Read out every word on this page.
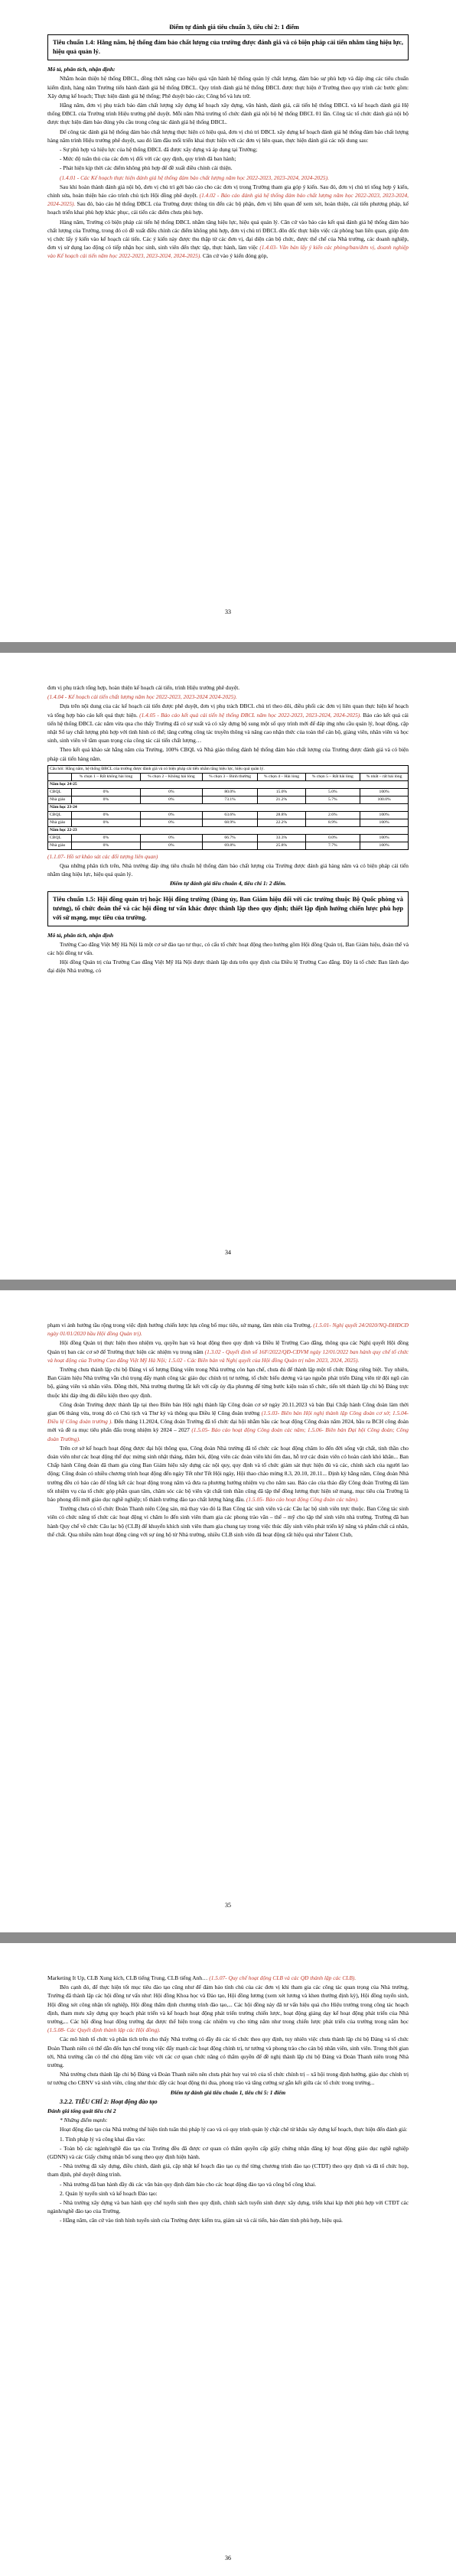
Điểm tự đánh giá tiêu chuẩn 3, tiêu chí 2: 1 điểm

Tiêu chuẩn 1.4: Hằng năm, hệ thống đảm bảo chất lượng của trường được đánh giá và có biện pháp cải tiến nhằm tăng hiệu lực, hiệu quả quản lý.

Mô tả, phân tích, nhận định:

Nhằm hoàn thiện hệ thống ĐBCL, đồng thời nâng cao hiệu quả vận hành hệ thống quản lý chất lượng, đảm bảo sự phù hợp và đáp ứng các tiêu chuẩn kiểm định, hàng năm Trường tiến hành đánh giá hệ thống ĐBCL. Quy trình đánh giá hệ thống ĐBCL được thực hiện ở Trường theo quy trình các bước gồm: Xây dựng kế hoạch; Thực hiện đánh giá hệ thống; Phê duyệt báo cáo; Công bố và lưu trữ.

Hằng năm, đơn vị phụ trách bảo đảm chất lượng xây dựng kế hoạch xây dựng, văn hành, đánh giá, cải tiến hệ thống ĐBCL và kế hoạch đánh giá Hệ thống ĐBCL của Trường trình Hiệu trưởng phê duyệt. Mỗi năm Nhà trường tổ chức đánh giá nội bộ hệ thống ĐBCL 01 lần. Công tác tổ chức đánh giá nội bộ được thực hiện đảm bảo đúng yêu cầu trong công tác đánh giá hệ thống ĐBCL.

Để công tác đánh giá hệ thống đảm bảo chất lượng thực hiện có hiệu quả, đơn vị chủ trì ĐBCL xây dựng kế hoạch đánh giá hệ thống đảm bảo chất lượng hàng năm trình Hiệu trưởng phê duyệt, sau đó làm đầu mối triển khai thực hiện với các đơn vị liên quan, thực hiện đánh giá các nội dung sau:

- Sự phù hợp và hiệu lực của hệ thống ĐBCL đã được xây dựng và áp dụng tại Trường;

- Mức độ tuân thủ của các đơn vị đối với các quy định, quy trình đã ban hành;

- Phát hiện kịp thời các điểm không phù hợp để đề xuất điều chỉnh cải thiện.

(1.4.01 - Các Kế hoạch thực hiện đánh giá hệ thống đảm bảo chất lượng năm học 2022-2023, 2023-2024, 2024-2025).

Sau khi hoàn thành đánh giá nội bộ, đơn vị chủ trì gởi báo cáo cho các đơn vị trong Trường tham gia góp ý kiến. Sau đó, đơn vị chủ trì tổng hợp ý kiến, chỉnh sửa, hoàn thiện báo cáo trình chủ tịch Hội đồng phê duyệt. (1.4.02 - Báo cáo đánh giá hệ thống đảm bảo chất lượng năm học 2022-2023, 2023-2024, 2024-2025). Sau đó, báo cáo hệ thống ĐBCL của Trường được thông tin đến các bộ phận, đơn vị liên quan để xem xét, hoàn thiện, cải tiến phương pháp, kế hoạch triển khai phù hợp khác phục, cải tiến các điểm chưa phù hợp.

Hàng năm, Trường có biện pháp cải tiến hệ thống ĐBCL nhằm tăng hiệu lực, hiệu quả quản lý. Căn cứ vào báo cáo kết quả đánh giá hệ thống đảm bảo chất lượng của Trường, trong đó có đề xuất điều chỉnh các điểm không phù hợp, đơn vị chủ trì ĐBCL đôn đốc thực hiện việc cải phòng ban liên quan, giúp đơn vị chức lấy ý kiến vào kế hoạch cải tiến. Các ý kiến này được thu thập từ các đơn vị, đại diện cán bộ chức, được thể chế của Nhà trường, các doanh nghiệp, đơn vị sử dụng lao động có tiếp nhận học sinh, sinh viên đến thực tập, thực hành, làm việc (1.4.03- Văn bản lấy ý kiến các phòng/ban/đơn vị, doanh nghiệp vào Kế hoạch cải tiến năm học 2022-2023, 2023-2024, 2024-2025). Căn cứ vào ý kiến đóng góp,

33

đơn vị phụ trách tổng hợp, hoàn thiện kế hoạch cải tiến, trình Hiệu trưởng phê duyệt.

(1.4.04 - Kế hoạch cải tiến chất lượng năm học 2022-2023, 2023-2024 2024-2025).

Dựa trên nội dung của các kế hoạch cải tiến được phê duyệt, đơn vị phụ trách ĐBCL chủ trì theo dõi, điều phối các đơn vị liên quan thực hiện kế hoạch và tổng hợp báo cáo kết quả thực hiện. (1.4.05 - Báo cáo kết quả cải tiến hệ thống ĐBCL năm học 2022-2023, 2023-2024, 2024-2025). Báo cáo kết quả cải tiến hệ thống ĐBCL các năm vừa qua cho thấy Trường đã có sự xuất và có xây dựng bộ sung một số quy trình mới để đáp ứng nhu cầu quản lý, hoạt động, cập nhật Sổ tay chất lượng phù hợp với tình hình có thể; tăng cường công tác truyền thông và nâng cao nhận thức của toàn thể cán bộ, giảng viên, nhân viên và học sinh, sinh viên về tầm quan trọng của công tác cải tiến chất lượng…

Theo kết quả khảo sát hằng năm của Trường, 100% CBQL và Nhà giáo thống đánh hệ thống đảm bảo chất lượng của Trường được đánh giá và có biện pháp cải tiến hàng năm.

Câu hỏi: Hằng năm, hệ thống ĐBCL của trường được đánh giá và có biện pháp cải tiến nhằm tăng hiệu lực, hiệu quả quản lý.						
	% chọn 1 – Rất không hài lòng	% chọn 2 – Không hài lòng	% chọn 3 – Bình thường	% chọn 4 – Hài lòng	% chọn 5 – Rất hài lòng	% nhất – rất hài lòng
Năm học 24-25						
CBQL	0%	0%	80.0%	15.0%	5.0%	100%
Nhà giáo	0%	0%	73.1%	21.2%	5.7%	100.0%
Năm học 23-24						
CBQL	0%	0%	63.6%	28.8%	2.6%	100%
Nhà giáo	0%	0%	68.9%	22.2%	8.9%	100%
Năm học 22-23						
CBQL	0%	0%	66.7%	33.3%	0.0%	100%
Nhà giáo	0%	0%	69.8%	25.8%	7.7%	100%

(1.1.07- Hồ sơ khảo sát các đối tượng liên quan)

Qua những phân tích trên, Nhà trường đáp ứng tiêu chuẩn hệ thống đảm bảo chất lượng của Trường được đánh giá hàng năm và có biện pháp cải tiến nhằm tăng hiệu lực, hiệu quả quản lý.

Điểm tự đánh giá tiêu chuẩn 4, tiêu chí 1: 2 điểm.

Tiêu chuẩn 1.5: Hội đồng quản trị hoặc Hội đồng trường (Đảng ủy, Ban Giám hiệu đối với các trường thuộc Bộ Quốc phòng và tương), tổ chức đoàn thể và các hội đồng tư vấn khác được thành lập theo quy định; thiết lập định hướng chiến lược phù hợp với sứ mạng, mục tiêu của trường.

Mô tả, phân tích, nhận định

Trường Cao đẳng Việt Mỹ Hà Nội là một cơ sở đào tạo tư thục, có cấu tổ chức hoạt động theo hướng gồm Hội đồng Quản trị, Ban Giám hiệu, đoàn thể và các hội đồng tư vấn.

Hội đồng Quản trị của Trường Cao đẳng Việt Mỹ Hà Nội được thành lập dưa trên quy định của Điều lệ Trường Cao đẳng. Đây là tổ chức Ban lãnh đạo đại diện Nhà trường, có

34

phạm vi ảnh hưởng tầu rộng trong việc định hướng chiến lược lựa công bố mục tiêu, sứ mạng, tầm nhìn của Trường. (1.5.01- Nghị quyết 24/2020/NQ-ĐHĐCĐ ngày 01/01/2020 bầu Hội đồng Quản trị).

Hội đồng Quản trị thực hiện theo nhiệm vụ, quyền hạn và hoạt động theo quy định và Điều lệ Trường Cao đẳng, thông qua các Nghị quyết Hội đồng Quản trị ban các cơ sở để Trường thực hiện các nhiệm vụ trong năm (1.3.02 - Quyết định số 16F/2022/QĐ-CĐVM ngày 12/01/2022 ban hành quy chế tổ chức và hoạt động của Trường Cao đẳng Việt Mỹ Hà Nội; 1.5.02 - Các Biên bản và Nghị quyết của Hội đồng Quản trị năm 2023, 2024, 2025).

Trường chưa thành lập chi bộ Đảng vì số lượng Đảng viên trong Nhà trường còn hạn chế, chưa đủ để thành lập một tổ chức Đảng riêng biệt. Tuy nhiên, Ban Giám hiệu Nhà trường vẫn chú trọng đẩy mạnh công tác giáo dục chính trị tư tưởng, tổ chức biểu dương và tạo nguồn phát triển Đảng viên từ đội ngũ cán bộ, giảng viên và nhân viên. Đồng thời, Nhà trường thường lắt kết với cấp ủy địa phương để từng bước kiện toàn tổ chức, tiến tới thành lập chi bộ Đảng trực thuộc khi đáp ứng đủ điều kiện theo quy định.

Công đoàn Trường được thành lập tại theo Biên bản Hội nghị thành lập Công đoàn cơ sở ngày 20.11.2023 và bản Đại Chấp hành Công đoàn làm thời gian 06 tháng vừa, trong đó có Chủ tịch và Thư ký và thông qua Điều lệ Công đoàn trường (1.5.03- Biên bản Hội nghị thành lập Công đoàn cơ sở; 1.5.04- Điều lệ Công đoàn trường ). Đến tháng 11.2024, Công đoàn Trường đã tổ chức đại hội nhằm bầu các hoạt động Công đoàn năm 2024, bầu ra BCH công đoàn mới và đề ra mục tiêu phấn đấu trong nhiệm kỳ 2024 – 2027 (1.5.05- Báo cáo hoạt động Công đoàn các năm; 1.5.06- Biên bản Đại hội Công đoàn; Công đoàn Trường).

Trên cơ sở kế hoạch hoạt động được đại hội thông qua, Công đoàn Nhà trường đã tổ chức các hoạt động chăm lo đến đời sống vật chất, tinh thần cho đoàn viên như các hoạt động thể dục mừng sinh nhật tháng, thăm hỏi, động viên các đoàn viên khi ốm đau, hỗ trợ các đoàn viên có hoàn cảnh khó khăn... Ban Chấp hành Công đoàn đã tham gia cùng Ban Giám hiệu xây dựng các nội quy, quy định và tổ chức giám sát thực hiện đủ và các, chính sách của người lao động; Công đoàn có nhiều chương trình hoạt động đến ngày Tết như Tết Hội ngày, Hội thao chào mừng 8.3, 20.10, 20.11... Định kỳ hằng năm, Công đoàn Nhà trường đều có báo cáo để tổng kết các hoạt động trong năm và đưa ra phương hướng nhiệm vụ cho năm sau. Báo cáo của thảo đầy Công đoàn Trường đã làm tốt nhiệm vụ của tổ chức góp phần quan tâm, chăm sóc các bộ viên vật chất tinh thần cũng đã tập thể đồng lương thực hiện sứ mạng, mục tiêu của Trường là bảo phong đổi mới giáo dục nghề nghiệp; tổ thành trường đào tạo chất lượng hàng đầu. (1.5.05- Báo cáo hoạt động Công đoàn các năm).

Trường chưa có tổ chức Đoàn Thanh niên Cộng sản, mà thay vào đó là Ban Công tác sinh viên và các Câu lạc bộ sinh viên trực thuộc. Ban Công tác sinh viên có chức năng tổ chức các hoạt động vi chăm lo đến sinh viên tham gia các phong trào văn – thể – mỹ cho tập thể sinh viên nhà trường. Trường đã ban hành Quy chế về chức Câu lạc bộ (CLB) để khuyến khích sinh viên tham gia chung tay trong việc thúc đẩy sinh viên phát triển kỹ năng và phẩm chất cá nhân, thể chất. Qua nhiều năm hoạt động cùng với sự ủng hộ từ Nhà trường, nhiều CLB sinh viên đã hoạt động rất hiệu quả như Talent Club,

35

Marketing It Up, CLB Xung kích, CLB tiếng Trung, CLB tiếng Anh… (1.5.07- Quy chế hoạt động CLB và các QĐ thành lập các CLB).

Bên cạnh đó, để thực hiện tốt mục tiêu đào tạo cũng như để đảm bảo tính chủ của các đơn vị khi tham gia các công tác quan trọng của Nhà trường, Trường đã thành lập các hội đồng tư vấn như: Hội đồng Khoa học và Đào tạo, Hội đồng lương (xem xét lương và khen thưởng định kỳ), Hội đồng tuyển sinh, Hội đồng xét công nhận tốt nghiệp, Hội đồng thẩm định chương trình đào tạo,... Các hội đồng này đã tư vấn hiệu quả cho Hiệu trưởng trong công tác hoạch định, tham mưu xây dựng quy hoạch phát triển và kế hoạch hoạt động phát triển trường chiến lược, hoạt động giảng dạy kể hoạt động phát triển của Nhà trường,... Các hội đồng hoạt động trường đạt được thể hiện trong các nhiệm vụ cho từng năm như trong chiến lược phát triển của trường trong năm học (1.5.08- Các Quyết định thành lập các Hội đồng).

Các mô hình tổ chức và phân tích trên cho thấy Nhà trường có đầy đủ các tổ chức theo quy định, tuy nhiên việc chưa thành lập chi bộ Đảng và tổ chức Đoàn Thanh niên có thể dẫn đến hạn chế trong việc đẩy mạnh các hoạt động chính trị, tư tưởng và phong trào cho cán bộ nhân viên, sinh viên. Trong thời gian tới, Nhà trường cần có thể chủ động làm việc với các cơ quan chức năng có thẩm quyền để đề nghị thành lập chi bộ Đảng và Đoàn Thanh niên trong Nhà trường.

Nhà trường chưa thành lập chi bộ Đảng và Đoàn Thanh niên nên chưa phát huy vai trò của tổ chức chính trị – xã hội trong định hướng, giáo dục chính trị tư tưởng cho CBNV và sinh viên, cũng như thúc đẩy các hoạt động thi đua, phong trào và tăng cường sự gắn kết giữa các tổ chức trong trường...

Điểm tự đánh giá tiêu chuẩn 1, tiêu chí 5: 1 điểm

3.2.2. TIÊU CHÍ 2: Hoạt động đào tạo

Đánh giá tổng quát tiêu chí 2

* Những điểm mạnh:

Hoạt động đào tạo của Nhà trường thể hiện tính tuân thủ pháp lý cao và có quy trình quản lý chặt chẽ từ khâu xây dựng kế hoạch, thực hiện đến đánh giá:

1. Tính pháp lý và công khai đầu vào:

- Toàn bộ các ngành/nghề đào tạo của Trường đều đã được cơ quan có thẩm quyền cấp giấy chứng nhận đăng ký hoạt động giáo dục nghề nghiệp (GDNN) và các Giấy chứng nhận bổ sung theo quy định hiện hành.

- Nhà trường đã xây dựng, điều chỉnh, đánh giá, cập nhật kế hoạch đào tạo cụ thể từng chương trình đào tạo (CTĐT) theo quy định và đã tổ chức họp, tham định, phê duyệt đúng trình.

- Nhà trường đã ban hành đầy đủ các văn bản quy định đảm bảo cho các hoạt động đào tạo và công bố công khai.

2. Quản lý tuyển sinh và kế hoạch Đào tạo:

- Nhà trường xây dựng và ban hành quy chế tuyển sinh theo quy định, chính sách tuyển sinh được xây dựng, triển khai kịp thời phù hợp với CTĐT các ngành/nghề đào tạo của Trường.

- Hằng năm, căn cứ vào tình hình tuyển sinh của Trường được kiểm tra, giám sát và cải tiến, bảo đảm tính phù hợp, hiệu quả.

36
